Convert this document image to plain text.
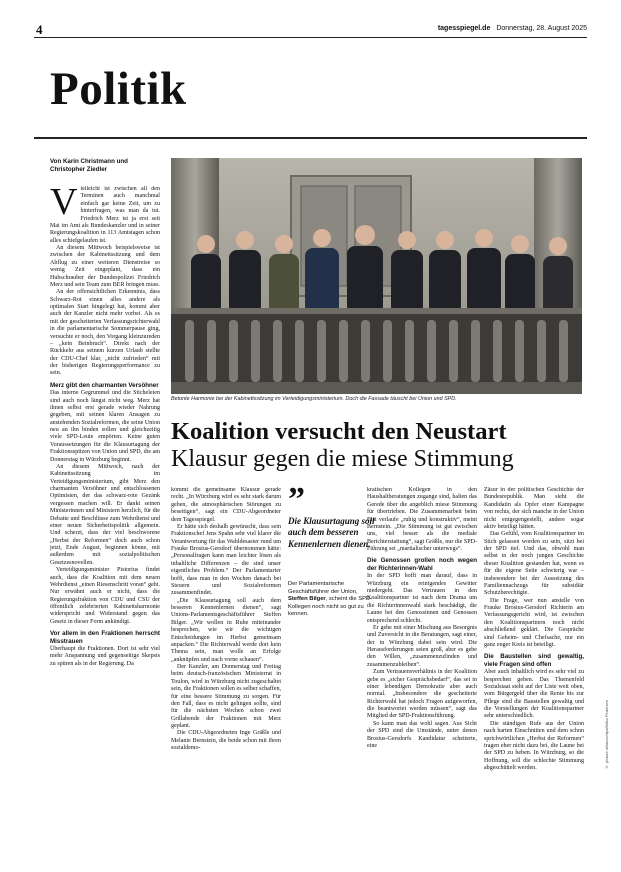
4	tagesspiegel.de Donnerstag, 28. August 2025
Politik
Von Karin Christmann und
Christopher Ziedler

Vielleicht ist zwischen all den Terminen auch manchmal einfach gar keine Zeit, um zu hinterfragen, was man da tut. Friedrich Merz ist ja erst seit Mai im Amt als Bundeskanzler und in seiner Regierungskoalition in 113 Amtstagen schon alles schiefgelaufen ist.

An diesem Mittwoch beispielsweise ist zwischen der Kabinettssitzung und dem Abflug zu einer weiteren Dienstreise so wenig Zeit eingeplant, dass ein Hubschrauber der Bundespolizei Friedrich Merz und sein Team zum BER bringen muss.

An der offensichtlichen Erkenntnis, dass Schwarz-Rot einen alles andere als optimalen Start hingelegt hat, kommt aber auch der Kanzler nicht mehr vorbei. Als es mit der gescheiterten Verfassungsrichterwahl in die parlamentarische Sommerpause ging, versuchte er noch, den Vorgang kleinzureden – „kein Beinbruch“. Direkt nach der Rückkehr aus seinem kurzen Urlaub stellte der CDU-Chef klar, „nicht zufrieden“ mit der bisherigen Regierungsperformance zu sein.

Merz gibt den charmanten Versöhner

Das interne Gegrummel und die Sticheleien sind auch noch längst nicht weg. Merz hat ihnen selbst erst gerade wieder Nahrung gegeben, mit seinen klaren Ansagen zu anstehenden Sozialreformen, die seine Union neu an ihn binden sollen und gleichzeitig viele SPD-Leute empörten. Keine guten Voraussetzungen für die Klausurtagung der Fraktionsspitzen von Union und SPD, die am Donnerstag in Würzburg beginnt.

An diesem Mittwoch, nach der Kabinettssitzung im Verteidigungsministerium, gibt Merz den charmanten Versöhner und entschlossenen Optimisten, der das schwarz-rote Gezänk vergessen machen will. Er dankt seinen Ministerinnen und Ministern herzlich, für die Debatte und Beschlüsse zum Wehrdienst und einer neuen Sicherheitspolitik allgemein. Und scherzt, dass der viel beschworene „Herbst der Reformen“ doch auch schon jetzt, Ende August, beginnen könne, mit außerdem mit sozialpolitischen Gesetzesnovellen.

Verteidigungsminister Pistorius findet auch, dass die Koalition mit dem neuen Wehrdienst „einen Riesenschritt voran“ geht. Nur erwähnt auch er nicht, dass die Regierungsfraktion von CDU und CSU der öffentlich zelebrierten Kabinettsharmonie widerspricht und Widerstand gegen das Gesetz in dieser Form ankündigt.

Vor allem in den Fraktionen herrscht Misstrauen

Überhaupt die Fraktionen. Dort ist sehr viel mehr Anspannung und gegenseitige Skepsis zu spüren als in der Regierung. Da

Betonte Harmonie bei der Kabinettssitzung im Verteidigungsministerium. Doch die Fassade täuscht bei Union und SPD.
© picture alliance/dpa/Britta Pedersen
Koalition versucht den Neustart
Klausur gegen die miese Stimmung

kommt die gemeinsame Klausur gerade recht. „In Würzburg wird es sehr stark darum gehen, die atmosphärischen Störungen zu beseitigen“, sagt ein CDU-Abgeordneter dem Tagesspiegel.

Er hätte sich deshalb gewünscht, dass sein Fraktionschef Jens Spahn sehr viel klarer die Verantwortung für das Wahldesaster rund um Frauke Brosius-Gersdorf übernommen hätte: „Personalfragen kann man leichter lösen als inhaltliche Differenzen – die sind unser eigentliches Problem.“ Der Parlamentarier hofft, dass man in den Wochen danach bei Steuern und Sozialreformen zusammenfindet.

„Die Klausurtagung soll auch dem besseren Kennenlernen dienen“, sagt Unions-Parlamentsgeschäftsführer Steffen Bilger. „Wir wollen in Ruhe miteinander besprechen, wie wir die wichtigen Entscheidungen im Herbst gemeinsam anpacken.“ Die Richterwahl werde dort kein Thema sein, man wolle an Erfolge „anknüpfen und nach vorne schauen“.

Der Kanzler, am Donnerstag und Freitag beim deutsch-französischen Ministerrat in Toulon, wird in Würzburg nicht zugeschaltet sein, die Fraktionen sollen es selber schaffen, für eine bessere Stimmung zu sorgen. Für den Fall, dass es nicht gelingen sollte, sind für die nächsten Wochen schon zwei Grillabende der Fraktionen mit Merz geplant.

Die CDU-Abgeordneten Inge Gräßle und Melanie Bernstein, die beide schon mit ihren sozialdemo-

”
Die Klausurtagung soll auch dem besseren Kennenlernen dienen.
Der Parlamentarische Geschäftsführer der Union, Steffen Bilger, scheint die SPD-Kollegen noch nicht so gut zu kennen.

kratischen Kollegen in den Haushaltberatungen zugange sind, halten das Gerede über die angeblich miese Stimmung für übertrieben. Die Zusammenarbeit beim Etat verlaufe „ruhig und konstruktiv“, meint Bernstein. „Die Stimmung ist gut zwischen uns, viel besser als die mediale Berichterstattung“, sagt Gräßle, nur die SPD-Führung sei „martialischer unterwegs“.

Die Genossen grollen noch wegen der Richterinnen-Wahl

In der SPD hofft man darauf, dass in Würzburg ein reinigendes Gewitter niedergeht. Das Vertrauen in den Koalitionspartner ist nach dem Drama um die Richterinnenwahl stark beschädigt, die Laune bei den Genossinnen und Genossen entsprechend schlecht.

Er gehe mit einer Mischung aus Besorgnis und Zuversicht in die Beratungen, sagt einer, der in Würzburg dabei sein wird. Die Herausforderungen seien groß, aber es gebe den Willen, „zusammenzufinden und zusammenzubleiben“.

Zum Vertrauensverhältnis in der Koalition gebe es „sicher Gesprächsbedarf“, das sei in einer lebendigen Demokratie aber auch normal. „Insbesondere die gescheiterte Richterwahl hat jedoch Fragen aufgeworfen, die beantwortet werden müssen“, sagt das Mitglied der SPD-Fraktionsführung.

So kann man das wohl sagen. Aus Sicht der SPD sind die Umstände, unter denen Brosius-Gersdorfs Kandidatur scheiterte, eine

Zäsur in der politischen Geschichte der Bundesrepublik. Man sieht die Kandidatin als Opfer einer Kampagne von rechts, der sich manche in der Union nicht entgegengestellt, andere sogar aktiv beteiligt hätten.

Das Gefühl, vom Koalitionspartner im Stich gelassen worden zu sein, sitzt bei der SPD tief. Und das, obwohl man selbst in der noch jungen Geschichte dieser Koalition gestanden hat, wenn es für die eigene Seite schwierig war – insbesondere bei der Aussetzung des Familiennachzugs für subsidiär Schutzberechtigte.

Die Frage, wer nun anstelle von Frauke Brosius-Gersdorf Richterin am Verfassungsgericht wird, ist zwischen den Koalitionspartnern noch nicht abschließend geklärt. Die Gespräche sind Geheim- und Chefsache, nur ein ganz enger Kreis ist beteiligt.

Die Baustellen sind gewaltig, viele Fragen sind offen

Aber auch inhaltlich wird es sehr viel zu besprechen geben. Das Themenfeld Sozialstaat steht auf der Liste weit oben, vom Bürgergeld über die Rente bis zur Pflege sind die Baustellen gewaltig und die Vorstellungen der Koalitionspartner sehr unterschiedlich.

Die ständigen Rufe aus der Union nach harten Einschnitten und dem schon sprichwörtlichen „Herbst der Reformen“ tragen eher nicht dazu bei, die Laune bei der SPD zu heben. In Würzburg, so die Hoffnung, soll die schlechte Stimmung abgeschüttelt werden.
